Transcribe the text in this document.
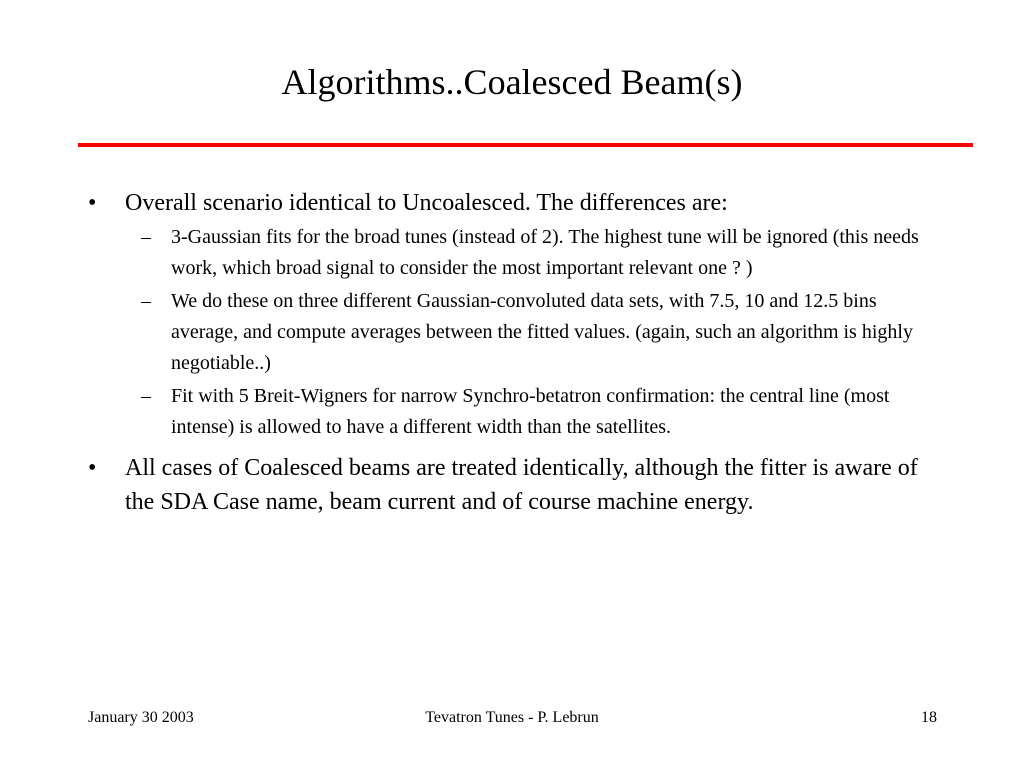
Algorithms..Coalesced Beam(s)
• Overall scenario identical to Uncoalesced. The differences are:
– 3-Gaussian fits for the broad tunes (instead of 2). The highest tune will be ignored (this needs work, which broad signal to consider the most important relevant one ? )
– We do these on three different Gaussian-convoluted data sets, with 7.5, 10 and 12.5 bins average, and compute averages between the fitted values. (again, such an algorithm is highly negotiable..)
– Fit with 5 Breit-Wigners for narrow Synchro-betatron confirmation: the central line (most intense) is allowed to have a different width than the satellites.
• All cases of Coalesced beams are treated identically, although the fitter is aware of the SDA Case name, beam current and of course machine energy.
January 30 2003	Tevatron Tunes - P. Lebrun	18
